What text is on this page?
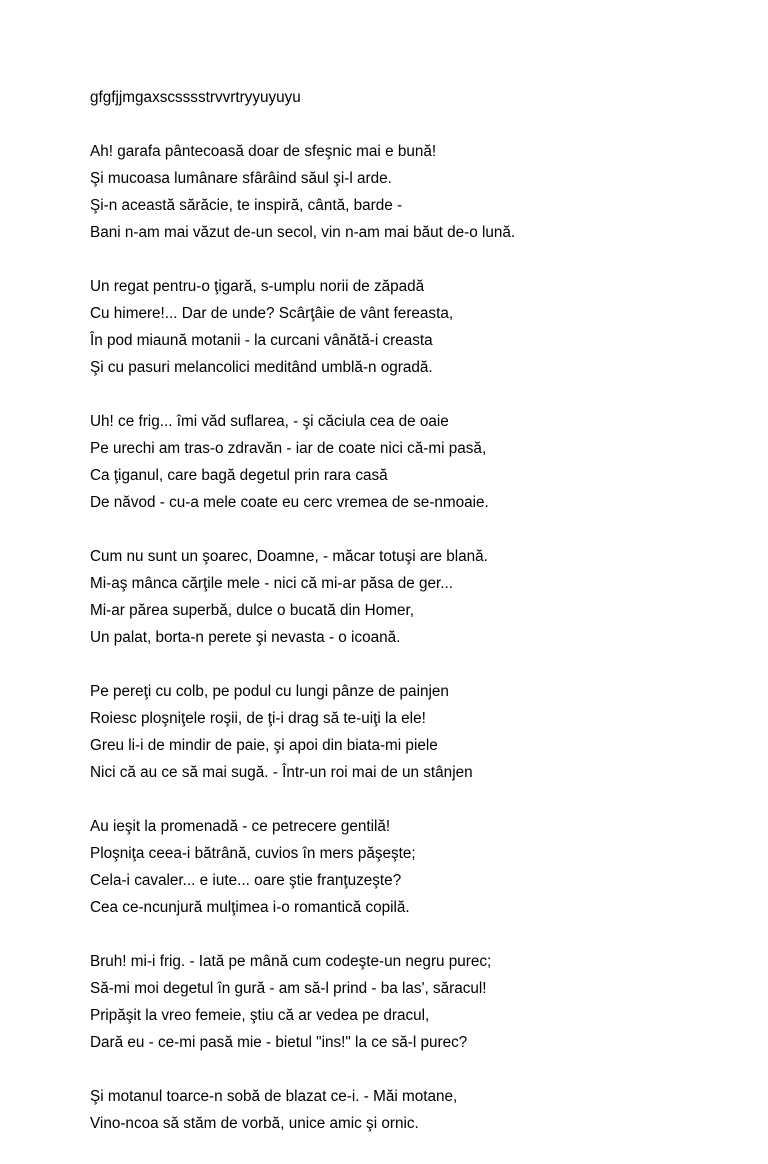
gfgfjjmgaxscsssstrvvrtryyuyuyu
Ah! garafa pântecoasă doar de sfeşnic mai e bună!
Şi mucoasa lumânare sfârâind săul şi-l arde.
Şi-n această sărăcie, te inspiră, cântă, barde -
Bani n-am mai văzut de-un secol, vin n-am mai băut de-o lună.
Un regat pentru-o ţigară, s-umplu norii de zăpadă
Cu himere!... Dar de unde? Scârţâie de vânt fereasta,
În pod miaună motanii - la curcani vânătă-i creasta
Şi cu pasuri melancolici meditând umblă-n ogradă.
Uh! ce frig... îmi văd suflarea, - şi căciula cea de oaie
Pe urechi am tras-o zdravăn - iar de coate nici că-mi pasă,
Ca ţiganul, care bagă degetul prin rara casă
De năvod - cu-a mele coate eu cerc vremea de se-nmoaie.
Cum nu sunt un şoarec, Doamne, - măcar totuşi are blană.
Mi-aş mânca cărţile mele - nici că mi-ar păsa de ger...
Mi-ar părea superbă, dulce o bucată din Homer,
Un palat, borta-n perete şi nevasta - o icoană.
Pe pereţi cu colb, pe podul cu lungi pânze de painjen
Roiesc ploşniţele roşii, de ţi-i drag să te-uiţi la ele!
Greu li-i de mindir de paie, şi apoi din biata-mi piele
Nici că au ce să mai sugă. - Într-un roi mai de un stânjen
Au ieşit la promenadă - ce petrecere gentilă!
Ploşniţa ceea-i bătrână, cuvios în mers păşeşte;
Cela-i cavaler... e iute... oare ştie franţuzeşte?
Cea ce-ncunjură mulţimea i-o romantică copilă.
Bruh! mi-i frig. - Iată pe mână cum codeşte-un negru purec;
Să-mi moi degetul în gură - am să-l prind - ba las', săracul!
Pripăşit la vreo femeie, ştiu că ar vedea pe dracul,
Dară eu - ce-mi pasă mie - bietul "ins!" la ce să-l purec?
Şi motanul toarce-n sobă de blazat ce-i. - Măi motane,
Vino-ncoa să stăm de vorbă, unice amic şi ornic.
